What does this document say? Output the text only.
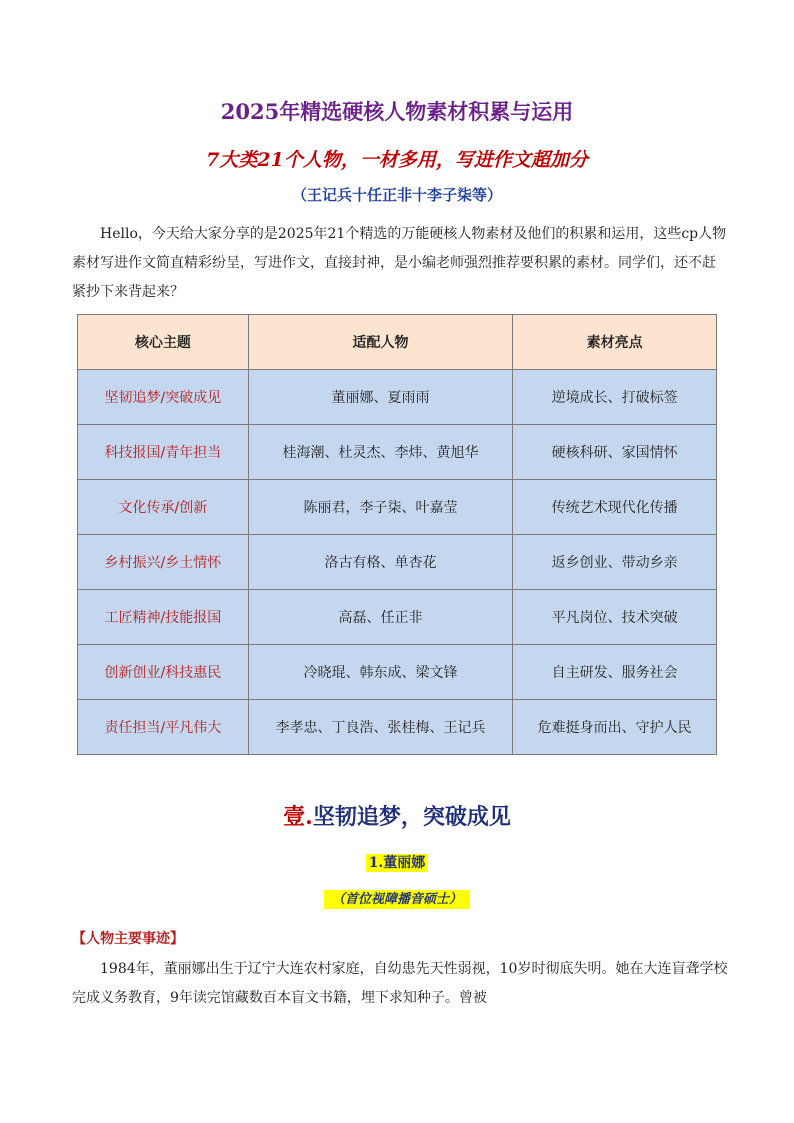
2025年精选硬核人物素材积累与运用
7大类21个人物，一材多用，写进作文超加分
（王记兵十任正非十李子柒等）

Hello，今天给大家分享的是2025年21个精选的万能硬核人物素材及他们的积累和运用，这些cp人物素材写进作文简直精彩纷呈，写进作文，直接封神，是小编老师强烈推荐要积累的素材。同学们，还不赶紧抄下来背起来？

核心主题	适配人物	素材亮点
坚韧追梦/突破成见	董丽娜、夏雨雨	逆境成长、打破标签
科技报国/青年担当	桂海潮、杜灵杰、李炜、黄旭华	硬核科研、家国情怀
文化传承/创新	陈丽君，李子柒、叶嘉莹	传统艺术现代化传播
乡村振兴/乡土情怀	洛古有格、单杏花	返乡创业、带动乡亲
工匠精神/技能报国	高磊、任正非	平凡岗位、技术突破
创新创业/科技惠民	冷晓琨、韩东成、梁文锋	自主研发、服务社会
责任担当/平凡伟大	李孝忠、丁良浩、张桂梅、王记兵	危难挺身而出、守护人民
壹.坚韧追梦，突破成见
1.董丽娜
（首位视障播音硕士）
【人物主要事迹】

1984年，董丽娜出生于辽宁大连农村家庭，自幼患先天性弱视，10岁时彻底失明。她在大连盲聋学校完成义务教育，9年读完馆藏数百本盲文书籍，埋下求知种子。曾被
